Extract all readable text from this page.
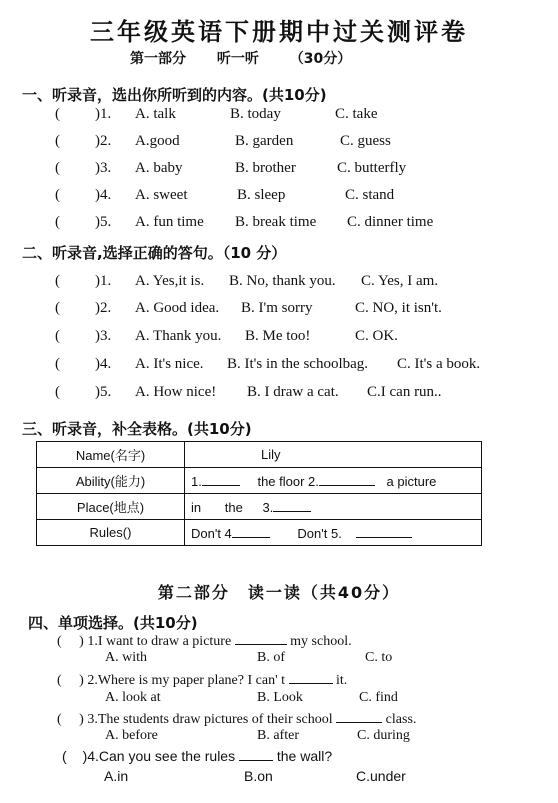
三年级英语下册期中过关测评卷
第一部分 听一听 （30分）
一、听录音，选出你所听到的内容。(共10分)
( )1. A. talk	B. today	C. take
( )2. A.good	B. garden	C. guess
( )3. A. baby	B. brother	C. butterfly
( )4. A. sweet	B. sleep	C. stand
( )5. A. fun time B. break time C. dinner time
二、听录音,选择正确的答句。（10 分）
( )1. A. Yes,it is. B. No, thank you. C. Yes, I am.
( )2. A. Good idea. B. I'm sorry	C. NO, it isn't.
( )3. A. Thank you. B. Me too!	C. OK.
( )4. A. It's nice. B. It's in the schoolbag. C. It's a book.
( )5. A. How nice! B. I draw a cat. C.I can run..
三、听录音，补全表格。(共10分)
Name(名字)	Lily
Ability(能力)	1. the floor 2. a picture
Place(地点)	in the 3.
Rules()	Don't 4 Don't 5.
第二部分　读一读（共40分）
四、单项选择。(共10分)
( ) 1.I want to draw a picture	my school.
A. with	B. of	C. to
( ) 2.Where is my paper plane? I can' t	it.
A. look at	B. Look	C. find
( ) 3.The students draw pictures of their school	class.
A. before	B. after	C. during
( )4.Can you see the rules	the wall?
A.in	B.on	C.under
